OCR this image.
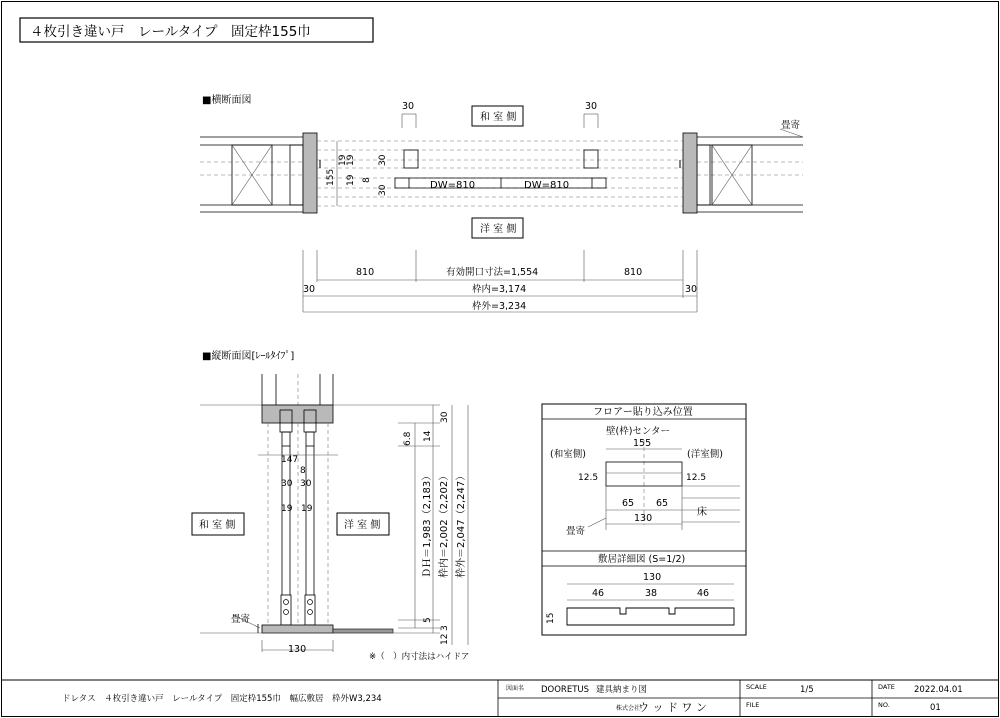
４枚引き違い戸　レールタイプ　固定枠155巾
■横断面図
畳寄
30	30
和 室 側
洋 室 側
155
19
19
19
8
30
30	DW=810	DW=810
810	有効開口寸法=1,554	810
30	30
枠内=3,174
枠外=3,234
■縦断面図[ﾚｰﾙﾀｲﾌﾟ]
畳寄
147
8
30 30
19 19
和 室 側	洋 室 側
130
※（　）内寸法はハイドア
6.8 14
30
ＤＨ＝1,983（2,183） 枠内＝2,002（2,202） 枠外＝2,047（2,247）
5
3
12
フロアー貼り込み位置
壁(枠)センター
155
(和室側)	(洋室側)
12.5	12.5
65 65
130
床
畳寄
敷居詳細図 (S=1/2)
130
46	38	46
15
ドレタス　４枚引き違い戸　レールタイプ　固定枠155巾　幅広敷居　枠外W3,234
図面名 DOORETUS 建具納まり図
株式会社
ウ ッ ド ワ ン
SCALE	1/5
FILE
DATE 2022.04.01
NO.	01
